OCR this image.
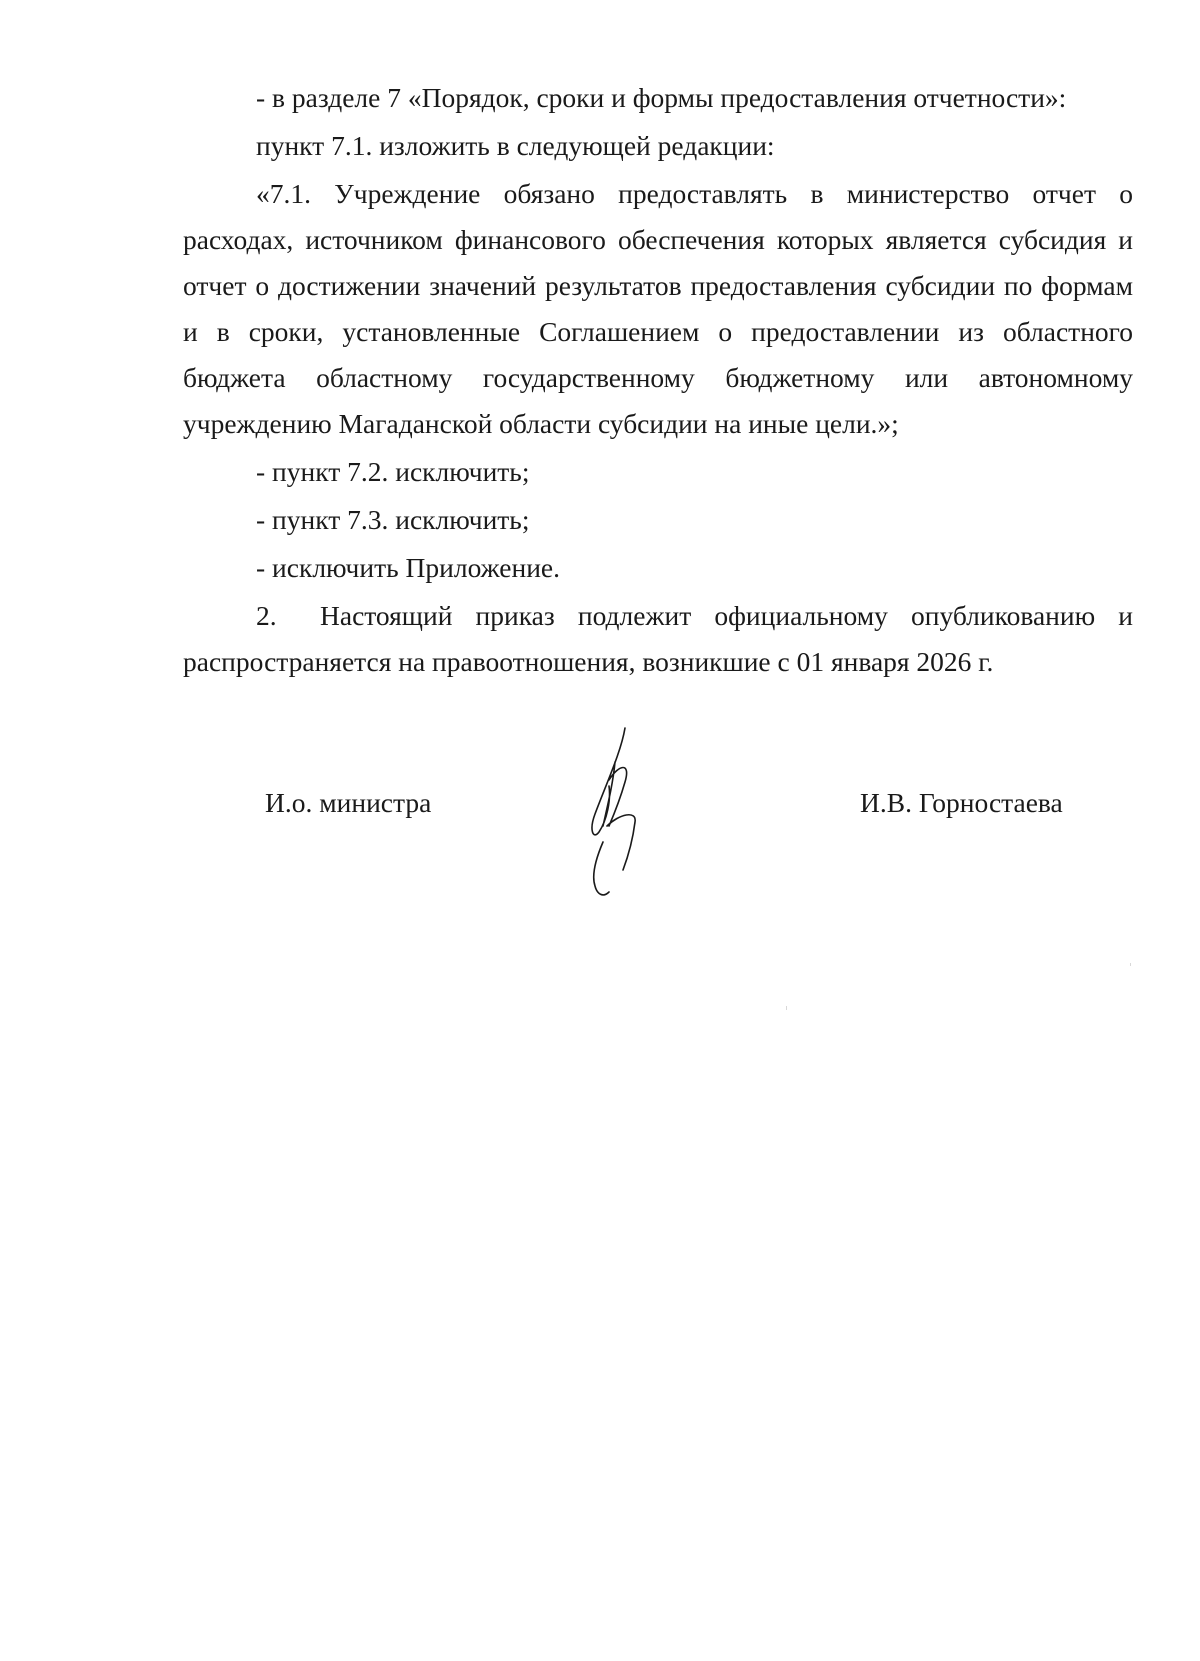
- в разделе 7 «Порядок, сроки и формы предоставления отчетности»:
пункт 7.1. изложить в следующей редакции:
«7.1. Учреждение обязано предоставлять в министерство отчет о
расходах, источником финансового обеспечения которых является субсидия и
отчет о достижении значений результатов предоставления субсидии по формам
и в сроки, установленные Соглашением о предоставлении из областного
бюджета областному государственному бюджетному или автономному
учреждению Магаданской области субсидии на иные цели.»;
- пункт 7.2. исключить;
- пункт 7.3. исключить;
- исключить Приложение.
2. Настоящий приказ подлежит официальному опубликованию и
распространяется на правоотношения, возникшие с 01 января 2026 г.
И.о. министра	И.В. Горностаева
